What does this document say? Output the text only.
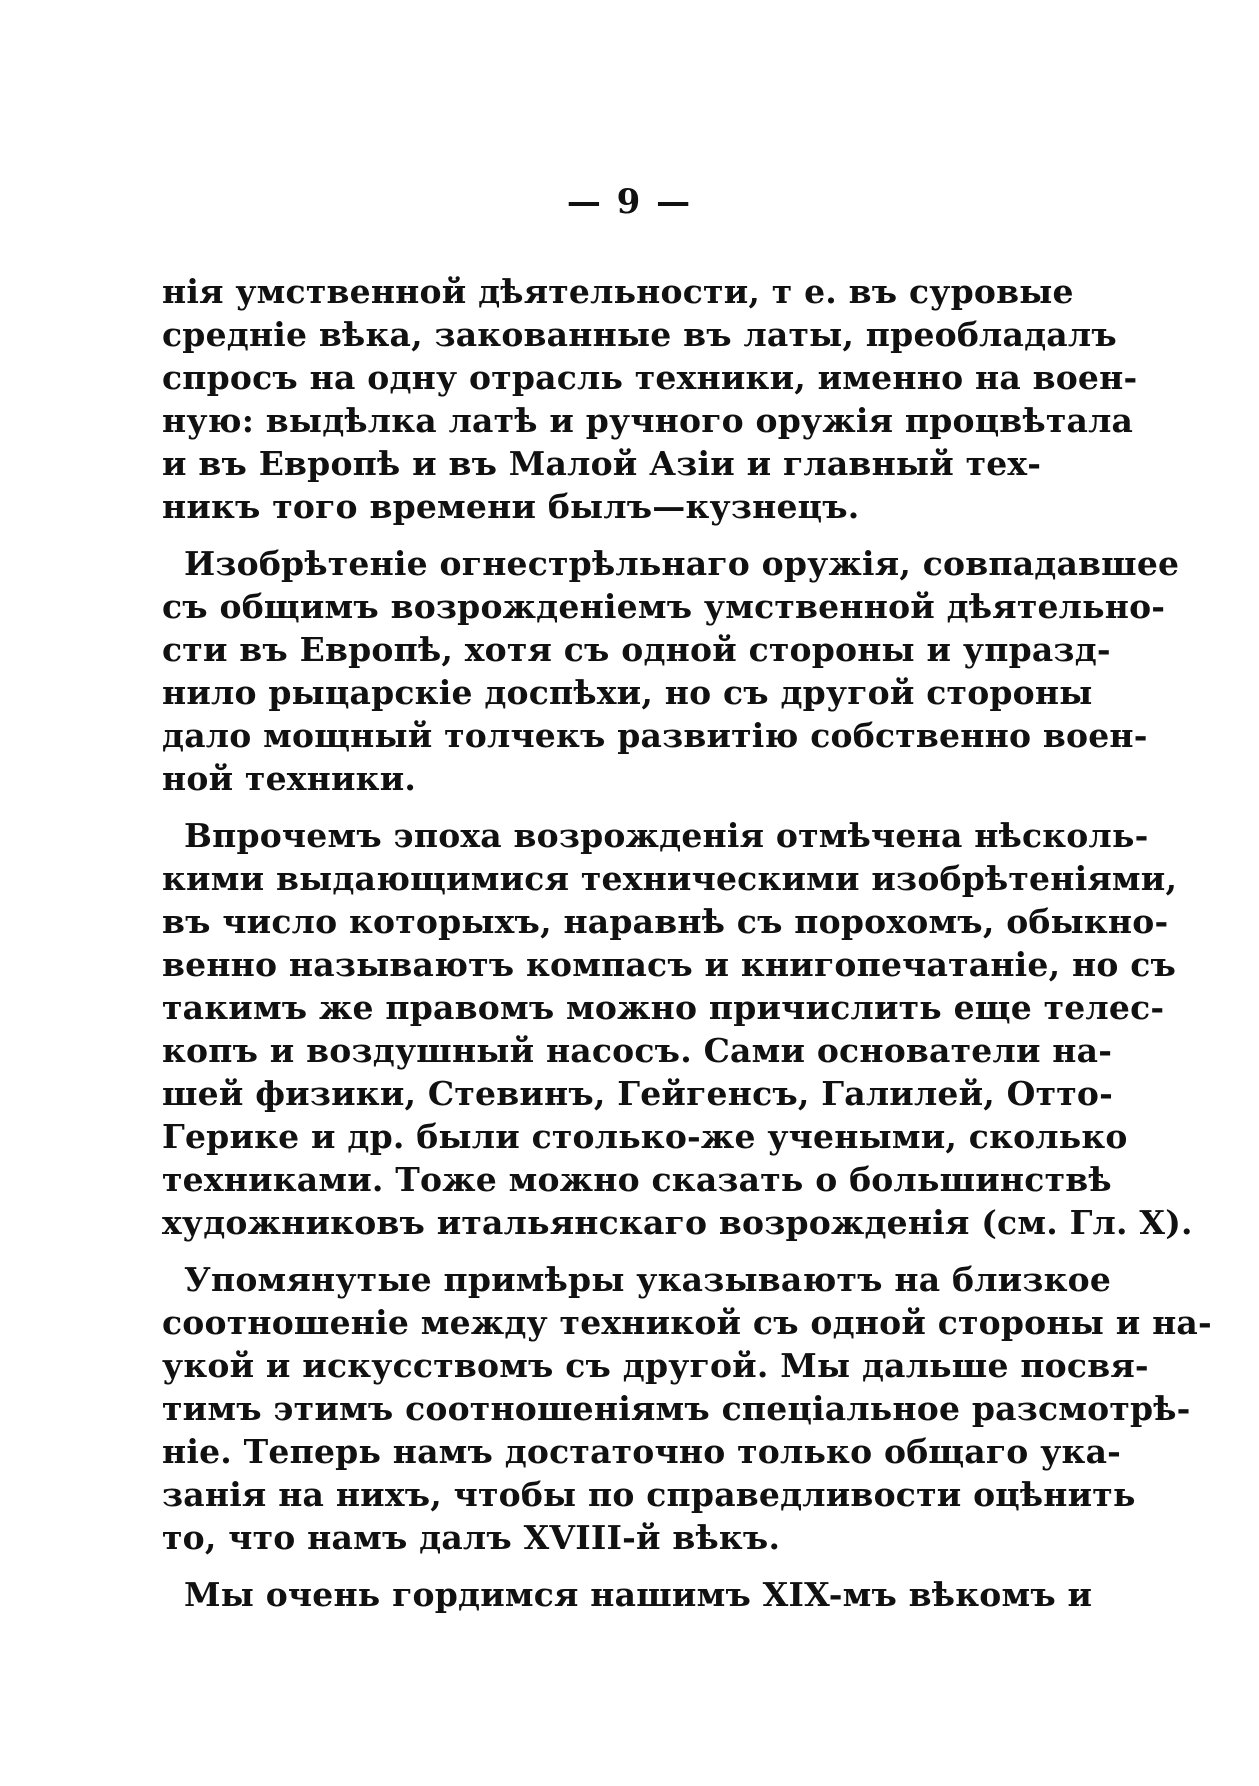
— 9 —
нія умственной дѣятельности, т е. въ суровые
средніе вѣка, закованные въ латы, преобладалъ
спросъ на одну отрасль техники, именно на воен-
ную: выдѣлка латѣ и ручного оружія процвѣтала
и въ Европѣ и въ Малой Азіи и главный тех-
никъ того времени былъ—кузнецъ.
Изобрѣтеніе огнестрѣльнаго оружія, совпадавшее
съ общимъ возрожденіемъ умственной дѣятельно-
сти въ Европѣ, хотя съ одной стороны и упразд-
нило рыцарскіе доспѣхи, но съ другой стороны
дало мощный толчекъ развитію собственно воен-
ной техники.
Впрочемъ эпоха возрожденія отмѣчена нѣсколь-
кими выдающимися техническими изобрѣтеніями,
въ число которыхъ, наравнѣ съ порохомъ, обыкно-
венно называютъ компасъ и книгопечатаніе, но съ
такимъ же правомъ можно причислить еще телес-
копъ и воздушный насосъ. Сами основатели на-
шей физики, Стевинъ, Гейгенсъ, Галилей, Отто-
Герике и др. были столько-же учеными, сколько
техниками. Тоже можно сказать о большинствѣ
художниковъ итальянскаго возрожденія (см. Гл. X).
Упомянутые примѣры указываютъ на близкое
соотношеніе между техникой съ одной стороны и на-
укой и искусствомъ съ другой. Мы дальше посвя-
тимъ этимъ соотношеніямъ спеціальное разсмотрѣ-
ніе. Теперь намъ достаточно только общаго ука-
занія на нихъ, чтобы по справедливости оцѣнить
то, что намъ далъ XVIII-й вѣкъ.
Мы очень гордимся нашимъ XIX-мъ вѣкомъ и
